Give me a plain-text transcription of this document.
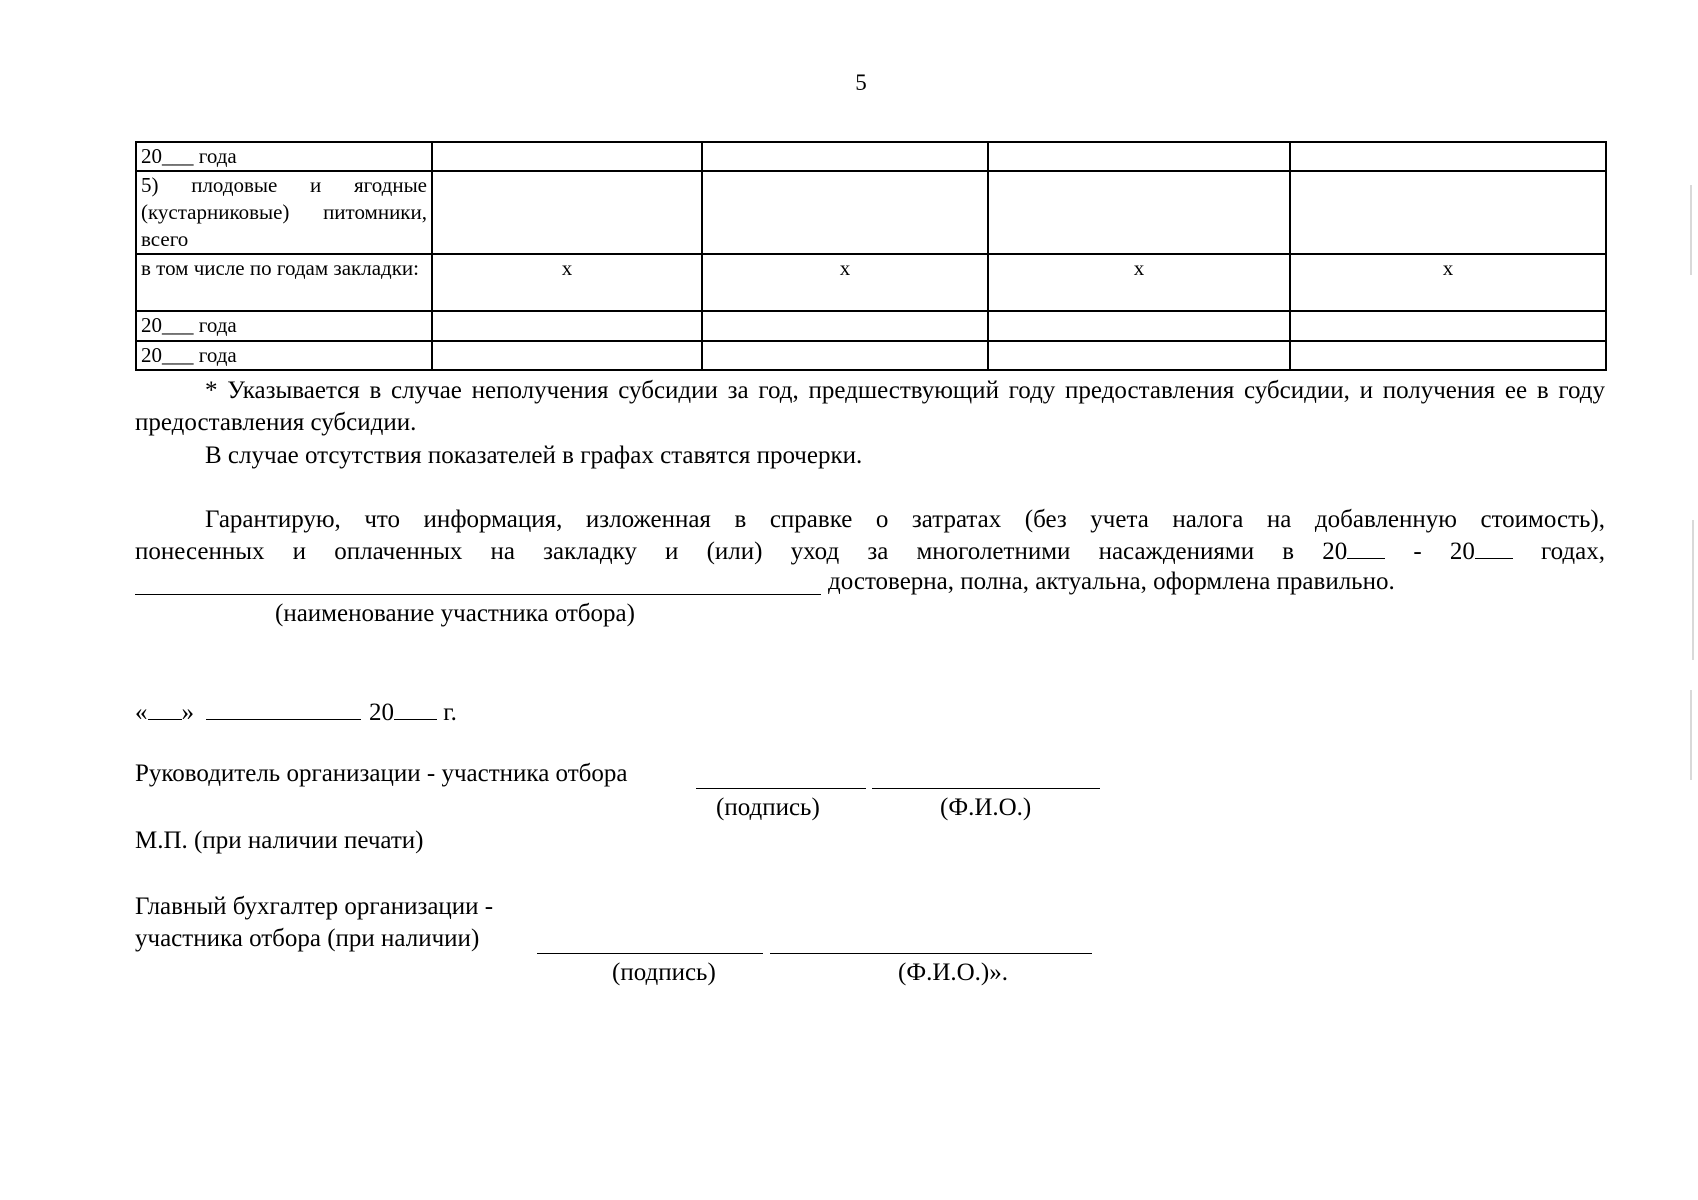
5
20___ года				
5) плодовые и ягодные (кустарниковые) питомники, всего				
в том числе по годам закладки:	x	x	x	x
20___ года				
20___ года				
* Указывается в случае неполучения субсидии за год, предшествующий году предоставления субсидии, и получения ее в году предоставления субсидии.
В случае отсутствия показателей в графах ставятся прочерки.
Гарантирую, что информация, изложенная в справке о затратах (без учета налога на добавленную стоимость),
понесенных и оплаченных на закладку и (или) уход за многолетними насаждениями в 20 - 20 годах,
достоверна, полна, актуальна, оформлена правильно.
(наименование участника отбора)
« »	20 г.
Руководитель организации - участника отбора
(подпись)	(Ф.И.О.)
М.П. (при наличии печати)
Главный бухгалтер организации -
участника отбора (при наличии)
(подпись)	(Ф.И.О.)».
